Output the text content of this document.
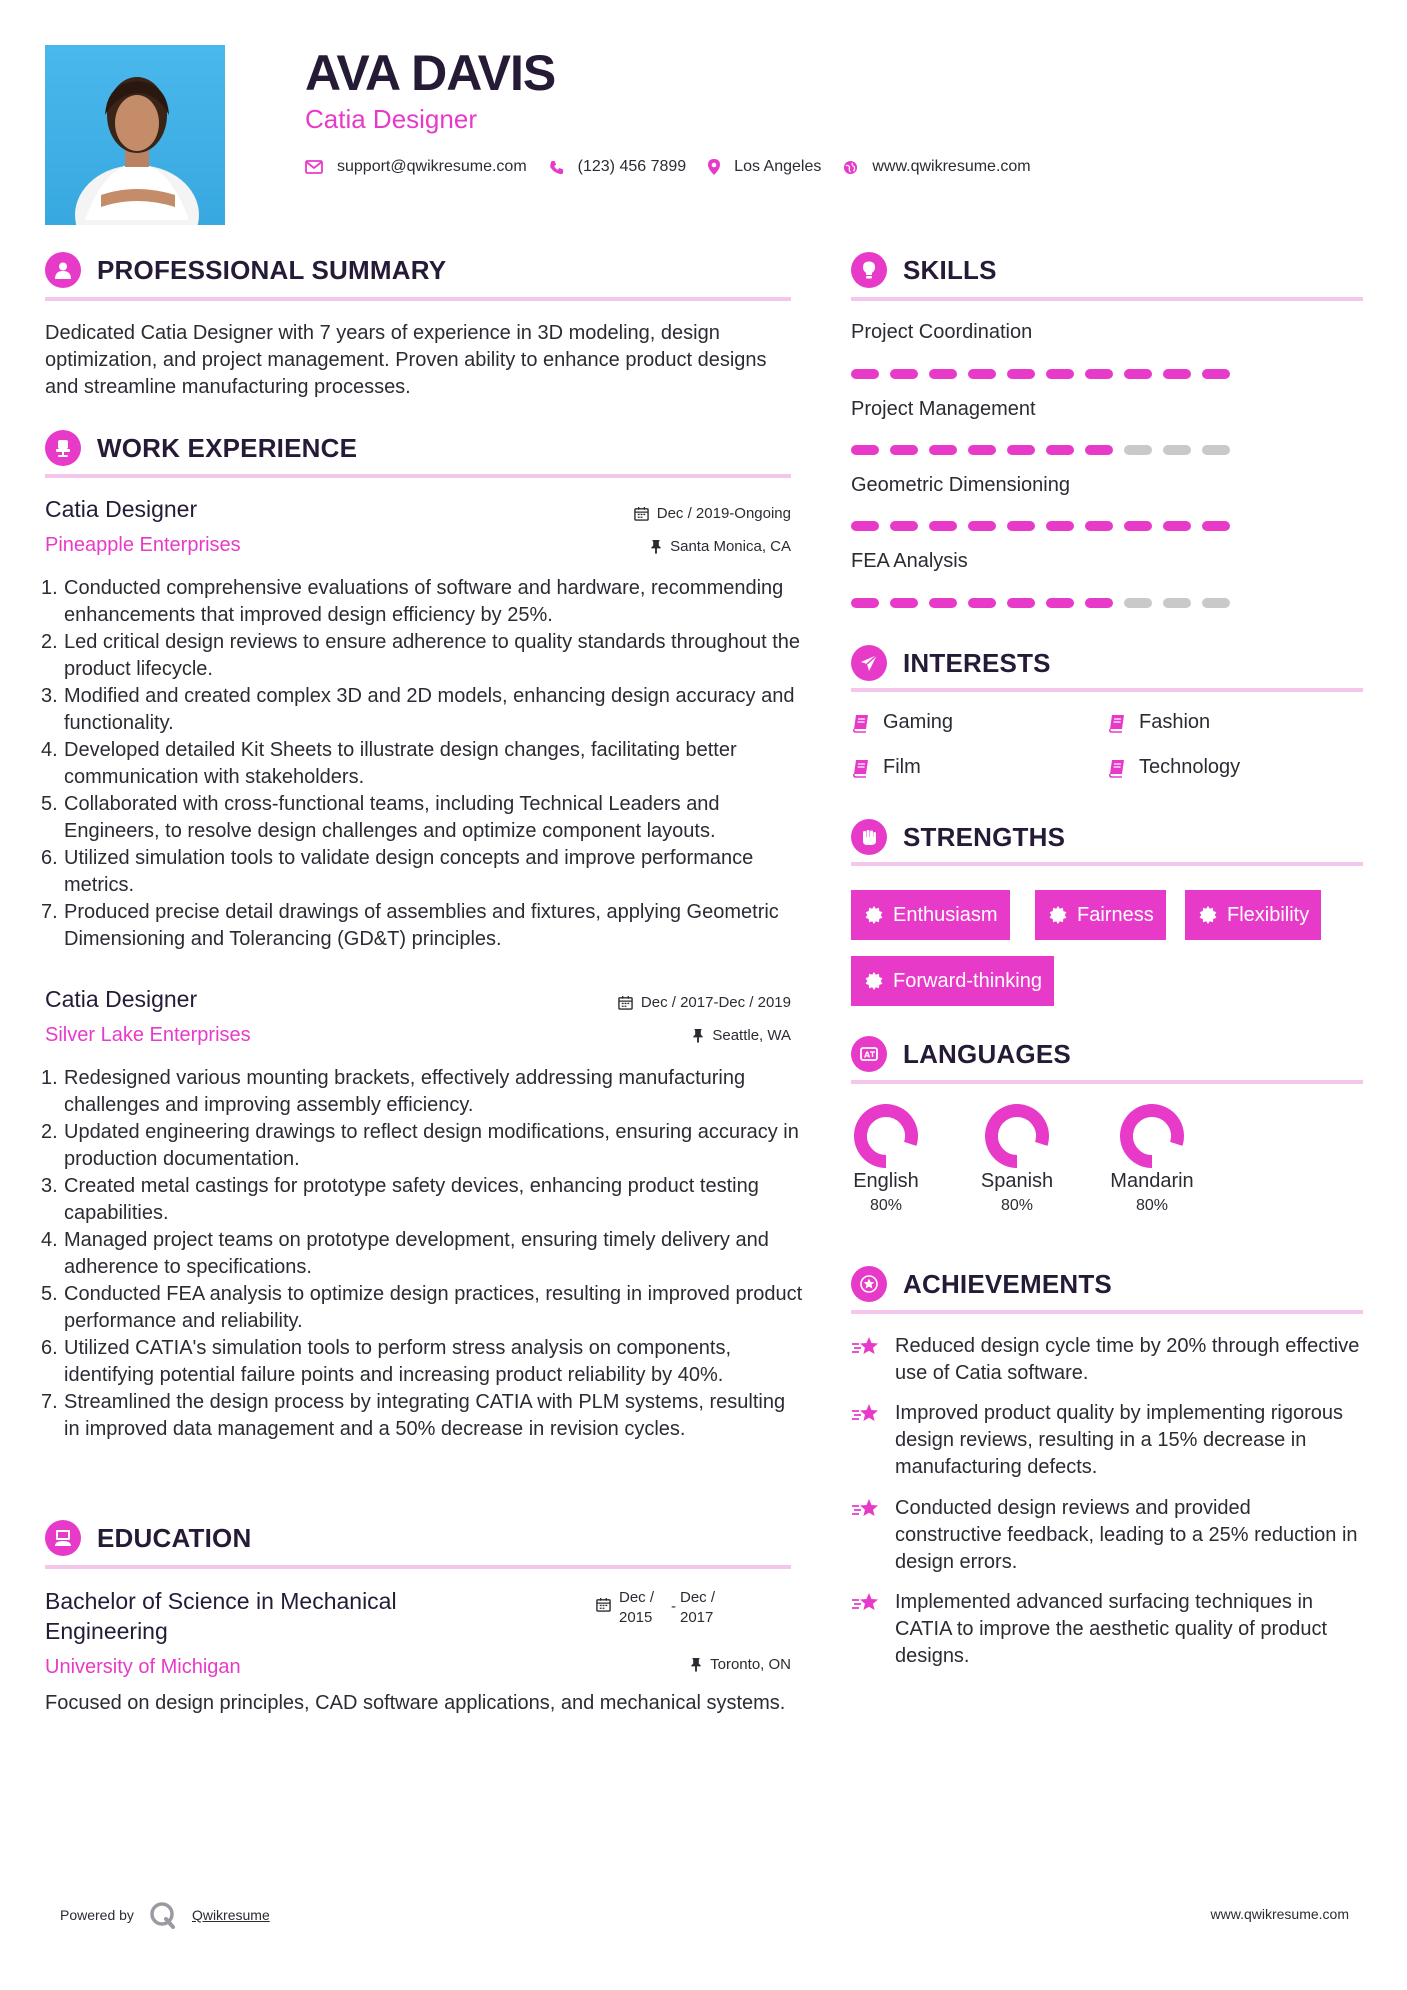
AVA DAVIS
Catia Designer
support@qwikresume.com	(123) 456 7899	Los Angeles	www.qwikresume.com
PROFESSIONAL SUMMARY
Dedicated Catia Designer with 7 years of experience in 3D modeling, design optimization, and project management. Proven ability to enhance product designs and streamline manufacturing processes.
WORK EXPERIENCE
Catia Designer	Dec / 2019-Ongoing
Pineapple Enterprises	Santa Monica, CA
Conducted comprehensive evaluations of software and hardware, recommending enhancements that improved design efficiency by 25%.
Led critical design reviews to ensure adherence to quality standards throughout the product lifecycle.
Modified and created complex 3D and 2D models, enhancing design accuracy and functionality.
Developed detailed Kit Sheets to illustrate design changes, facilitating better communication with stakeholders.
Collaborated with cross-functional teams, including Technical Leaders and Engineers, to resolve design challenges and optimize component layouts.
Utilized simulation tools to validate design concepts and improve performance metrics.
Produced precise detail drawings of assemblies and fixtures, applying Geometric Dimensioning and Tolerancing (GD&T) principles.
Catia Designer	Dec / 2017-Dec / 2019
Silver Lake Enterprises	Seattle, WA
Redesigned various mounting brackets, effectively addressing manufacturing challenges and improving assembly efficiency.
Updated engineering drawings to reflect design modifications, ensuring accuracy in production documentation.
Created metal castings for prototype safety devices, enhancing product testing capabilities.
Managed project teams on prototype development, ensuring timely delivery and adherence to specifications.
Conducted FEA analysis to optimize design practices, resulting in improved product performance and reliability.
Utilized CATIA's simulation tools to perform stress analysis on components, identifying potential failure points and increasing product reliability by 40%.
Streamlined the design process by integrating CATIA with PLM systems, resulting in improved data management and a 50% decrease in revision cycles.
EDUCATION
Bachelor of Science in Mechanical Engineering
Dec / 2015
-
Dec / 2017
University of Michigan	Toronto, ON
Focused on design principles, CAD software applications, and mechanical systems.
SKILLS
Project Coordination
Project Management
Geometric Dimensioning
FEA Analysis
INTERESTS
Gaming	Fashion
Film	Technology
STRENGTHS
Enthusiasm	Fairness	Flexibility
Forward-thinking
A LANGUAGES
English
80%
Spanish
80%
Mandarin
80%
ACHIEVEMENTS
Reduced design cycle time by 20% through effective use of Catia software.
Improved product quality by implementing rigorous design reviews, resulting in a 15% decrease in manufacturing defects.
Conducted design reviews and provided constructive feedback, leading to a 25% reduction in design errors.
Implemented advanced surfacing techniques in CATIA to improve the aesthetic quality of product designs.
Powered by	Qwikresume	www.qwikresume.com
